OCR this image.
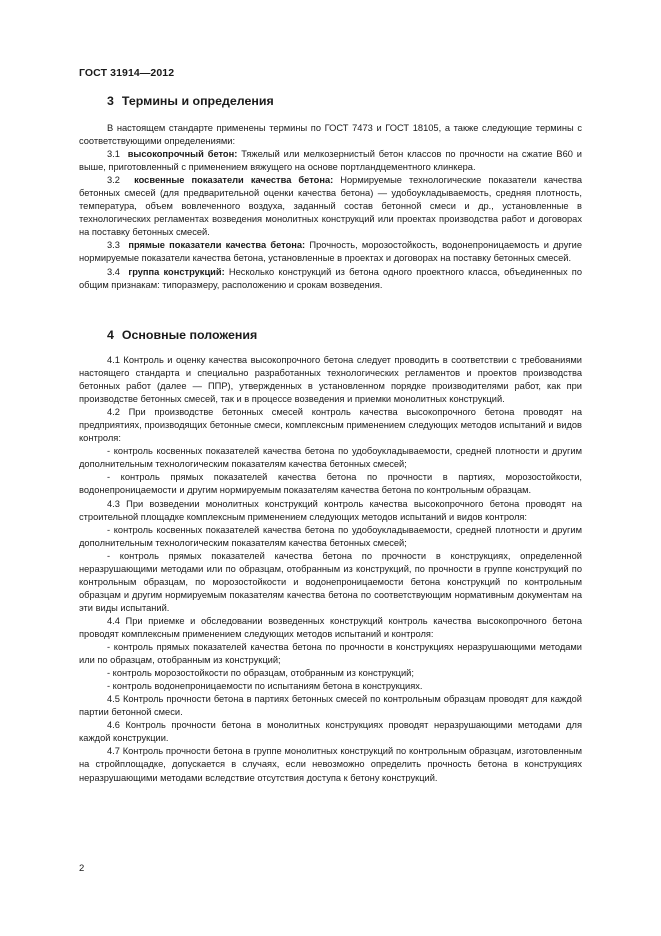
ГОСТ 31914—2012
3 Термины и определения

В настоящем стандарте применены термины по ГОСТ 7473 и ГОСТ 18105, а также следующие термины с соответствующими определениями:

3.1 высокопрочный бетон: Тяжелый или мелкозернистый бетон классов по прочности на сжатие В60 и выше, приготовленный с применением вяжущего на основе портландцементного клинкера.

3.2 косвенные показатели качества бетона: Нормируемые технологические показатели качества бетонных смесей (для предварительной оценки качества бетона) — удобоукладываемость, средняя плотность, температура, объем вовлеченного воздуха, заданный состав бетонной смеси и др., установленные в технологических регламентах возведения монолитных конструкций или проектах производства работ и договорах на поставку бетонных смесей.

3.3 прямые показатели качества бетона: Прочность, морозостойкость, водонепроницаемость и другие нормируемые показатели качества бетона, установленные в проектах и договорах на поставку бетонных смесей.

3.4 группа конструкций: Несколько конструкций из бетона одного проектного класса, объединенных по общим признакам: типоразмеру, расположению и срокам возведения.

4 Основные положения

4.1 Контроль и оценку качества высокопрочного бетона следует проводить в соответствии с требованиями настоящего стандарта и специально разработанных технологических регламентов и проектов производства бетонных работ (далее — ППР), утвержденных в установленном порядке производителями работ, как при производстве бетонных смесей, так и в процессе возведения и приемки монолитных конструкций.

4.2 При производстве бетонных смесей контроль качества высокопрочного бетона проводят на предприятиях, производящих бетонные смеси, комплексным применением следующих методов испытаний и видов контроля:

- контроль косвенных показателей качества бетона по удобоукладываемости, средней плотности и другим дополнительным технологическим показателям качества бетонных смесей;

- контроль прямых показателей качества бетона по прочности в партиях, морозостойкости, водонепроницаемости и другим нормируемым показателям качества бетона по контрольным образцам.

4.3 При возведении монолитных конструкций контроль качества высокопрочного бетона проводят на строительной площадке комплексным применением следующих методов испытаний и видов контроля:

- контроль косвенных показателей качества бетона по удобоукладываемости, средней плотности и другим дополнительным технологическим показателям качества бетонных смесей;

- контроль прямых показателей качества бетона по прочности в конструкциях, определенной неразрушающими методами или по образцам, отобранным из конструкций, по прочности в группе конструкций по контрольным образцам, по морозостойкости и водонепроницаемости бетона конструкций по контрольным образцам и другим нормируемым показателям качества бетона по соответствующим нормативным документам на эти виды испытаний.

4.4 При приемке и обследовании возведенных конструкций контроль качества высокопрочного бетона проводят комплексным применением следующих методов испытаний и контроля:

- контроль прямых показателей качества бетона по прочности в конструкциях неразрушающими методами или по образцам, отобранным из конструкций;

- контроль морозостойкости по образцам, отобранным из конструкций;

- контроль водонепроницаемости по испытаниям бетона в конструкциях.

4.5 Контроль прочности бетона в партиях бетонных смесей по контрольным образцам проводят для каждой партии бетонной смеси.

4.6 Контроль прочности бетона в монолитных конструкциях проводят неразрушающими методами для каждой конструкции.

4.7 Контроль прочности бетона в группе монолитных конструкций по контрольным образцам, изготовленным на стройплощадке, допускается в случаях, если невозможно определить прочность бетона в конструкциях неразрушающими методами вследствие отсутствия доступа к бетону конструкций.

2
